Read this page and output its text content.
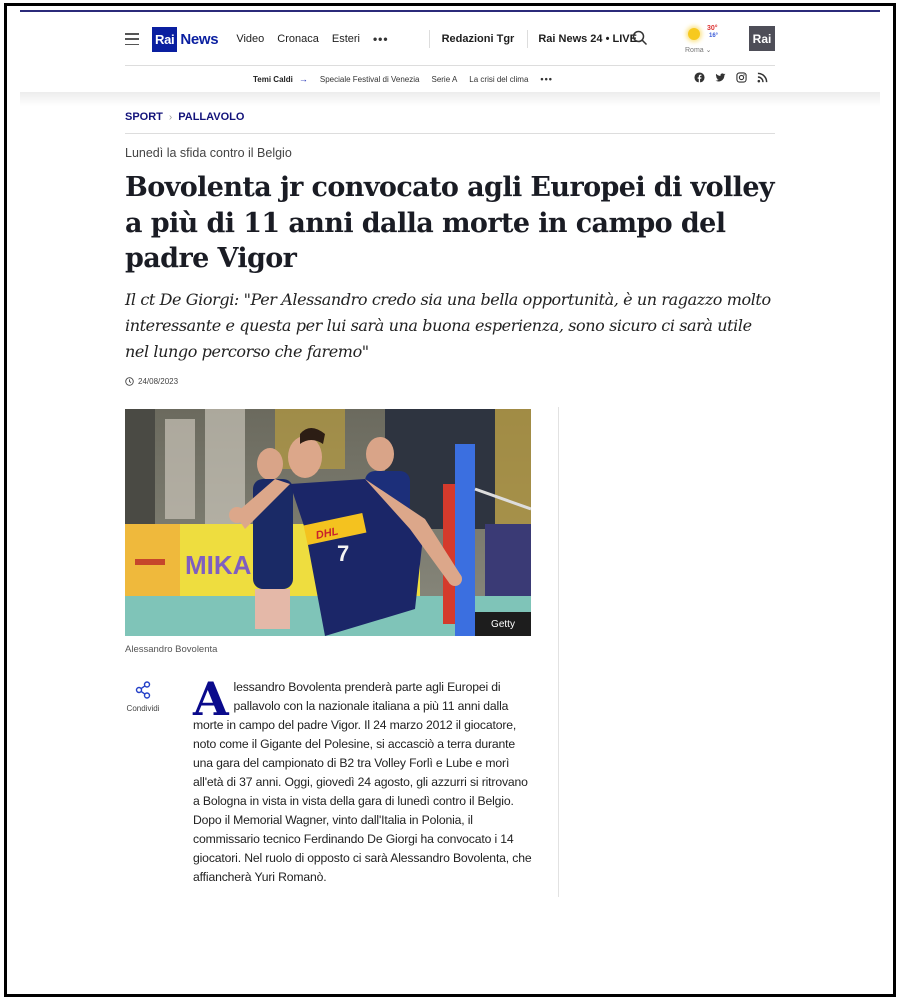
Rai News Video Cronaca Esteri •••	Redazioni Tgr Rai News 24 • LIVE
30°
16°
Roma ⌄
Rai
Temi Caldi → Speciale Festival di Venezia Serie A La crisi del clima •••
SPORT › PALLAVOLO
Lunedì la sfida contro il Belgio
Bovolenta jr convocato agli Europei di volley a più di 11 anni dalla morte in campo del padre Vigor
Il ct De Giorgi: "Per Alessandro credo sia una bella opportunità, è un ragazzo molto interessante e questa per lui sarà una buona esperienza, sono sicuro ci sarà utile nel lungo percorso che faremo"
24/08/2023
MIKA
DHL
7
Getty
Alessandro Bovolenta
Condividi A lessandro Bovolenta prenderà parte agli Europei di pallavolo con la nazionale italiana a più 11 anni dalla morte in campo del padre Vigor. Il 24 marzo 2012 il giocatore, noto come il Gigante del Polesine, si accasciò a terra durante una gara del campionato di B2 tra Volley Forlì e Lube e morì all'età di 37 anni. Oggi, giovedì 24 agosto, gli azzurri si ritrovano a Bologna in vista in vista della gara di lunedì contro il Belgio. Dopo il Memorial Wagner, vinto dall'Italia in Polonia, il commissario tecnico Ferdinando De Giorgi ha convocato i 14 giocatori. Nel ruolo di opposto ci sarà Alessandro Bovolenta, che affiancherà Yuri Romanò.
